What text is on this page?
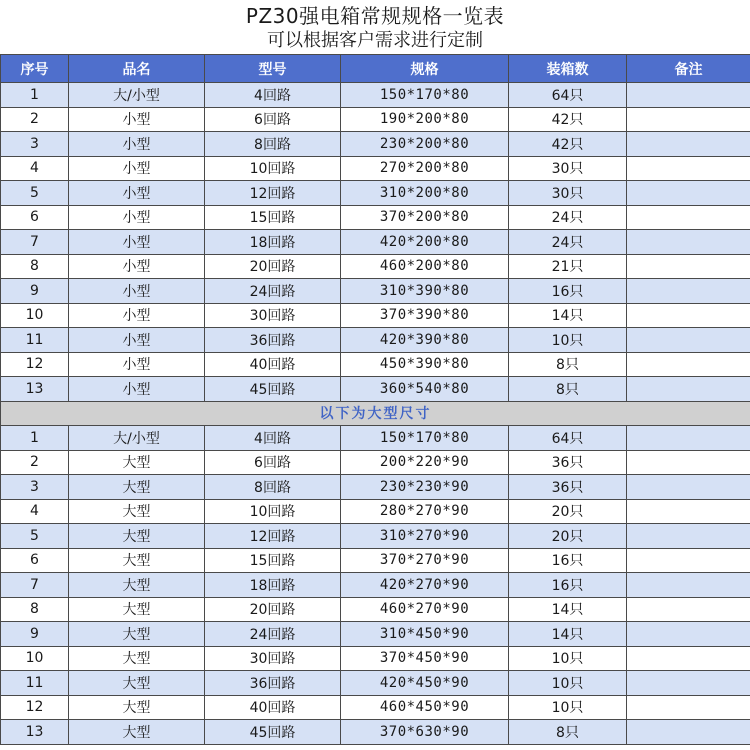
PZ30强电箱常规规格一览表
可以根据客户需求进行定制
序号	品名	型号	规格	装箱数	备注
1	大/小型	4回路	150*170*80	64只	
2	小型	6回路	190*200*80	42只	
3	小型	8回路	230*200*80	42只	
4	小型	10回路	270*200*80	30只	
5	小型	12回路	310*200*80	30只	
6	小型	15回路	370*200*80	24只	
7	小型	18回路	420*200*80	24只	
8	小型	20回路	460*200*80	21只	
9	小型	24回路	310*390*80	16只	
10	小型	30回路	370*390*80	14只	
11	小型	36回路	420*390*80	10只	
12	小型	40回路	450*390*80	8只	
13	小型	45回路	360*540*80	8只	
以下为大型尺寸					
1	大/小型	4回路	150*170*80	64只	
2	大型	6回路	200*220*90	36只	
3	大型	8回路	230*230*90	36只	
4	大型	10回路	280*270*90	20只	
5	大型	12回路	310*270*90	20只	
6	大型	15回路	370*270*90	16只	
7	大型	18回路	420*270*90	16只	
8	大型	20回路	460*270*90	14只	
9	大型	24回路	310*450*90	14只	
10	大型	30回路	370*450*90	10只	
11	大型	36回路	420*450*90	10只	
12	大型	40回路	460*450*90	10只	
13	大型	45回路	370*630*90	8只	
